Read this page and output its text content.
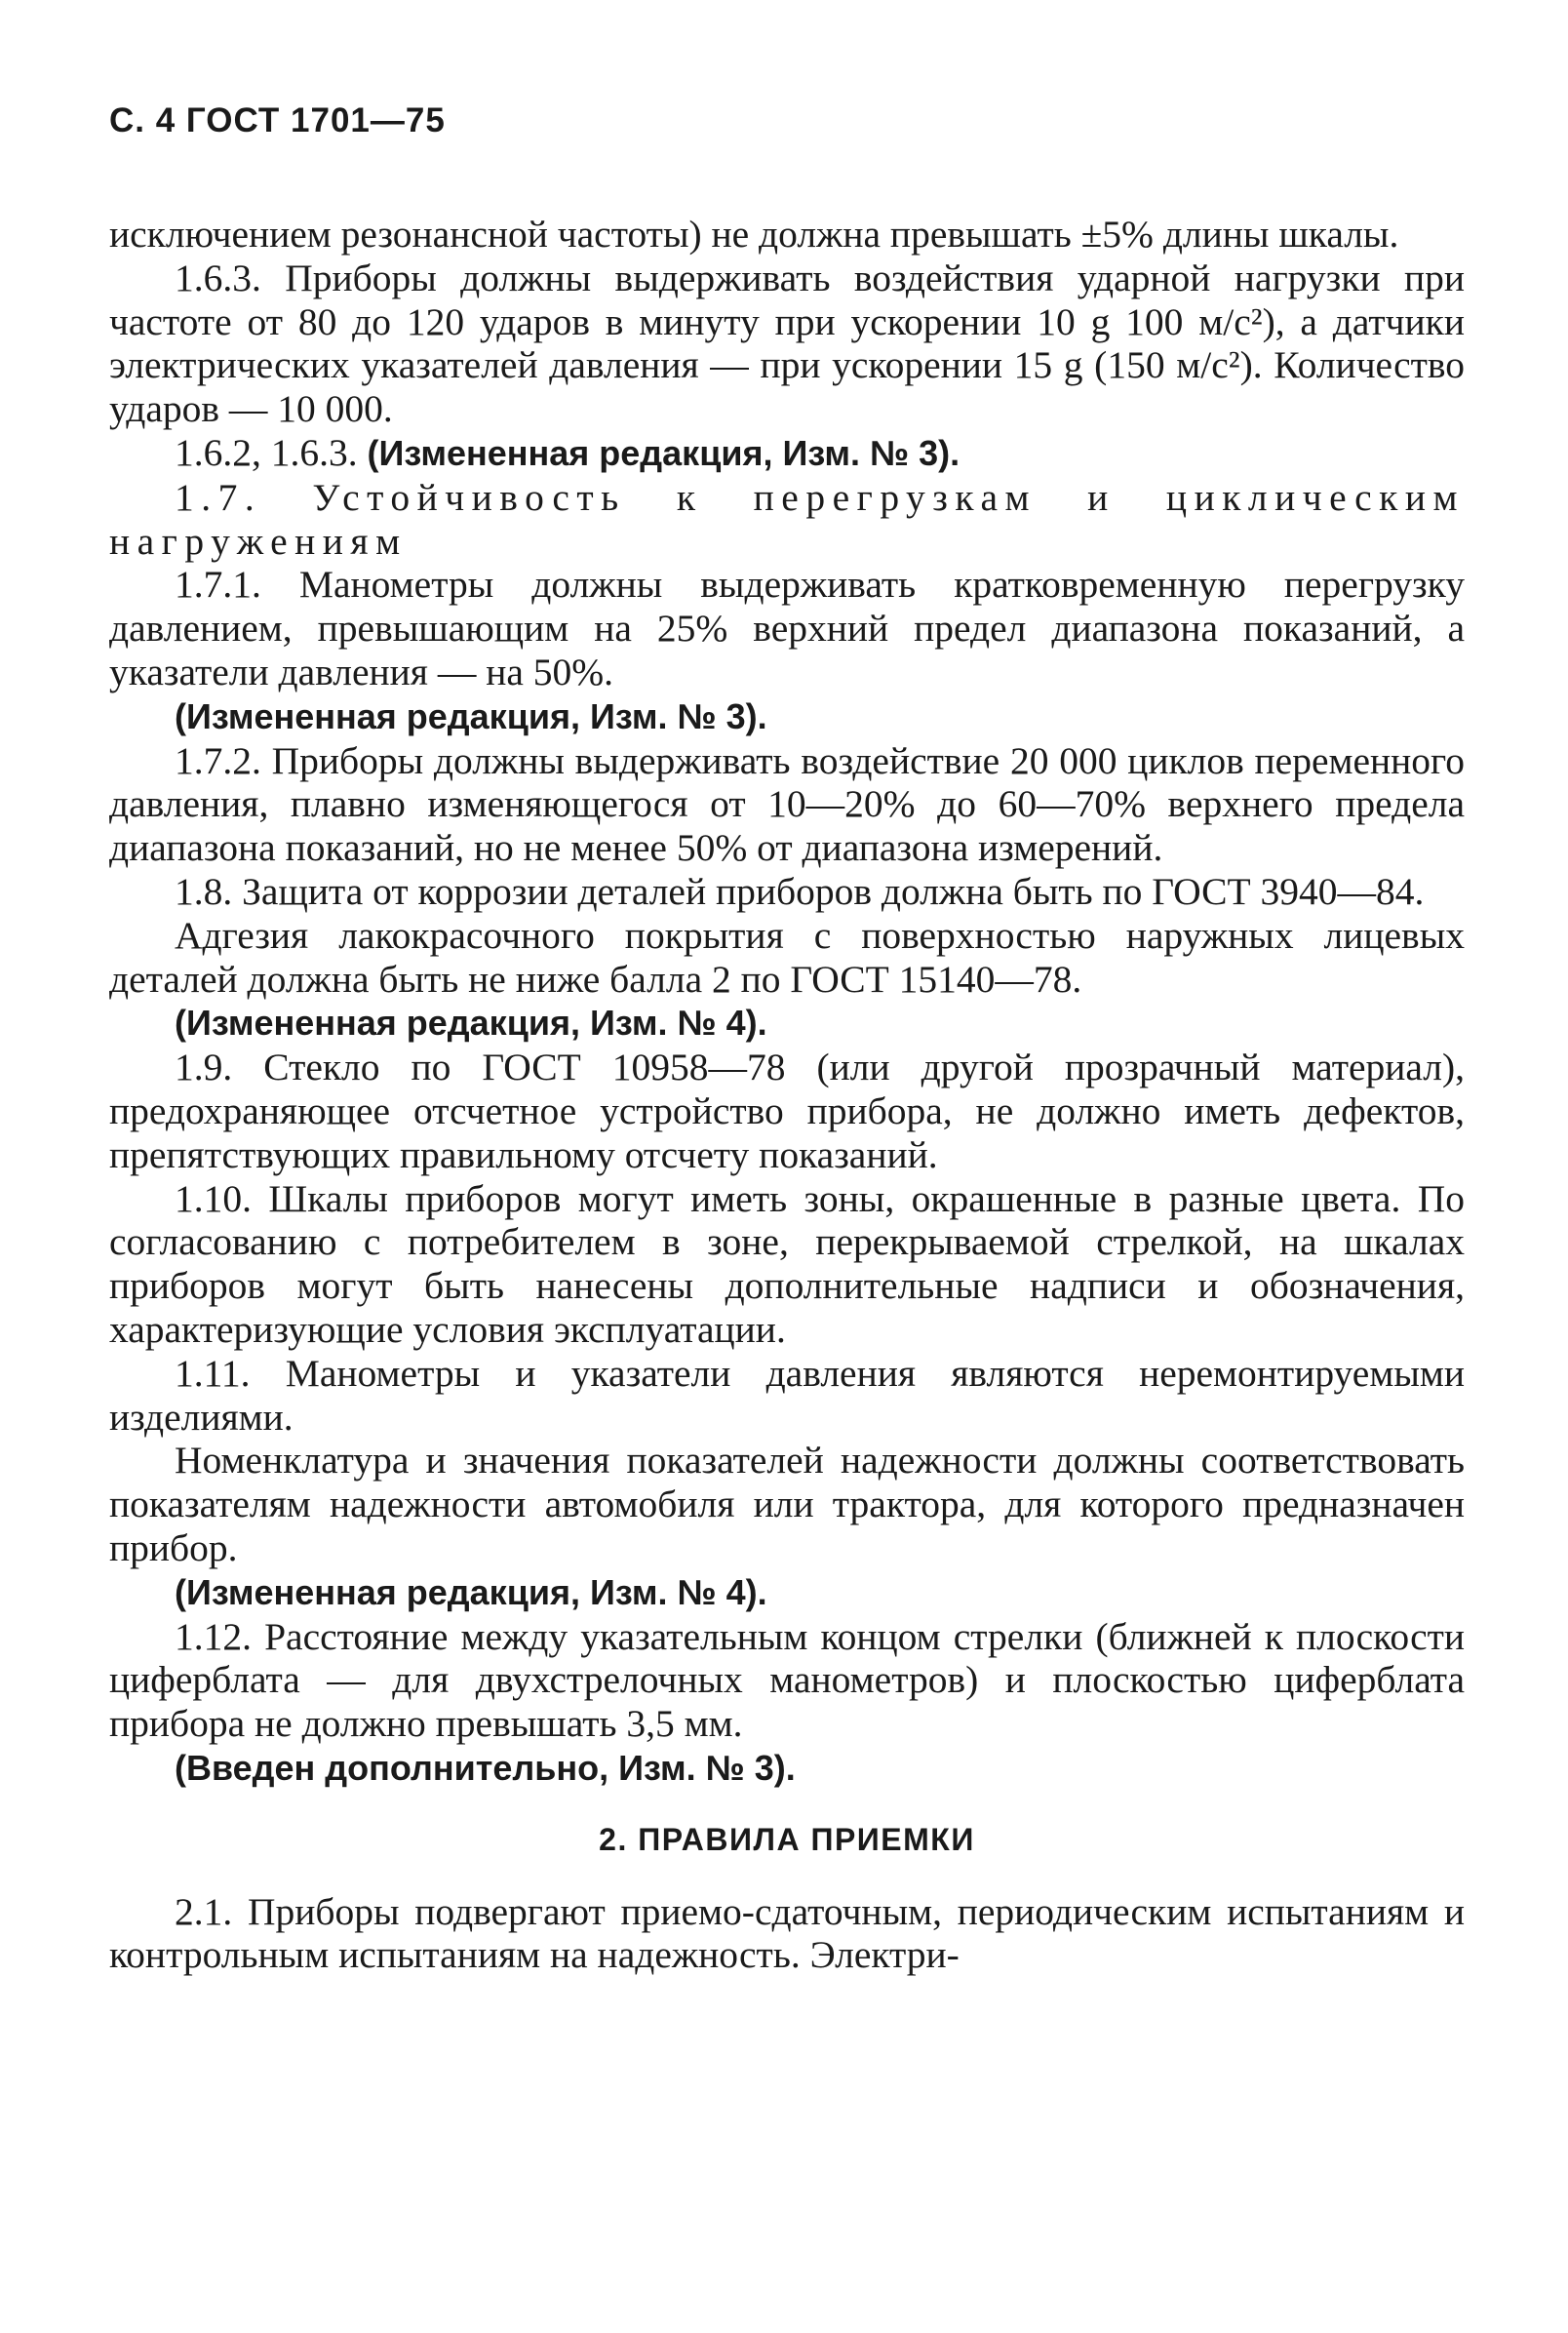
С. 4 ГОСТ 1701—75

исключением резонансной частоты) не должна превышать ±5% длины шкалы.

1.6.3. Приборы должны выдерживать воздействия ударной нагрузки при частоте от 80 до 120 ударов в минуту при ускорении 10 g 100 м/с²), а датчики электрических указателей давления — при ускорении 15 g (150 м/с²). Количество ударов — 10 000.

1.6.2, 1.6.3. (Измененная редакция, Изм. № 3).

1.7. Устойчивость к перегрузкам и циклическим нагружениям

1.7.1. Манометры должны выдерживать кратковременную перегрузку давлением, превышающим на 25% верхний предел диапазона показаний, а указатели давления — на 50%.

(Измененная редакция, Изм. № 3).

1.7.2. Приборы должны выдерживать воздействие 20 000 циклов переменного давления, плавно изменяющегося от 10—20% до 60—70% верхнего предела диапазона показаний, но не менее 50% от диапазона измерений.

1.8. Защита от коррозии деталей приборов должна быть по ГОСТ 3940—84.

Адгезия лакокрасочного покрытия с поверхностью наружных лицевых деталей должна быть не ниже балла 2 по ГОСТ 15140—78.

(Измененная редакция, Изм. № 4).

1.9. Стекло по ГОСТ 10958—78 (или другой прозрачный материал), предохраняющее отсчетное устройство прибора, не должно иметь дефектов, препятствующих правильному отсчету показаний.

1.10. Шкалы приборов могут иметь зоны, окрашенные в разные цвета. По согласованию с потребителем в зоне, перекрываемой стрелкой, на шкалах приборов могут быть нанесены дополнительные надписи и обозначения, характеризующие условия эксплуатации.

1.11. Манометры и указатели давления являются неремонтируемыми изделиями.

Номенклатура и значения показателей надежности должны соответствовать показателям надежности автомобиля или трактора, для которого предназначен прибор.

(Измененная редакция, Изм. № 4).

1.12. Расстояние между указательным концом стрелки (ближней к плоскости циферблата — для двухстрелочных манометров) и плоскостью циферблата прибора не должно превышать 3,5 мм.

(Введен дополнительно, Изм. № 3).

2. ПРАВИЛА ПРИЕМКИ

2.1. Приборы подвергают приемо-сдаточным, периодическим испытаниям и контрольным испытаниям на надежность. Электри-
